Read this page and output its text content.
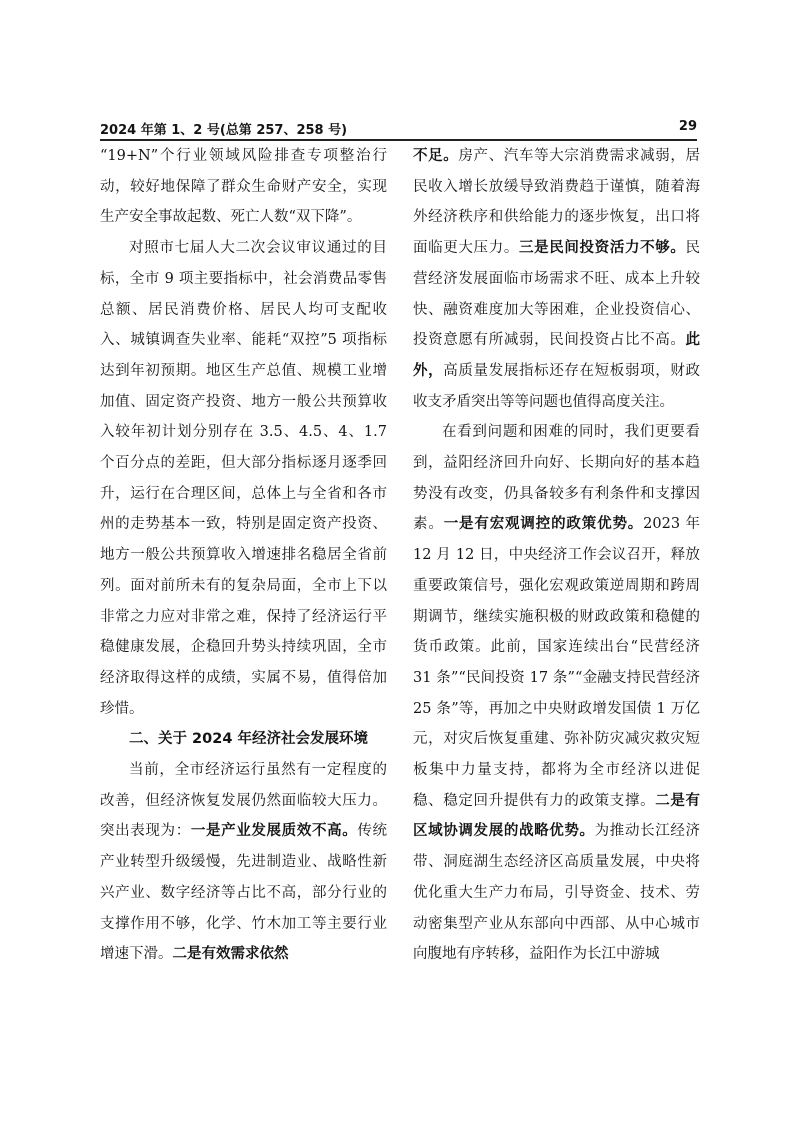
2024 年第 1、2 号(总第 257、258 号)	29

“19+N”个行业领域风险排查专项整治行动，较好地保障了群众生命财产安全，实现生产安全事故起数、死亡人数“双下降”。

对照市七届人大二次会议审议通过的目标，全市 9 项主要指标中，社会消费品零售总额、居民消费价格、居民人均可支配收入、城镇调查失业率、能耗“双控”5 项指标达到年初预期。地区生产总值、规模工业增加值、固定资产投资、地方一般公共预算收入较年初计划分别存在 3.5、4.5、4、1.7 个百分点的差距，但大部分指标逐月逐季回升，运行在合理区间，总体上与全省和各市州的走势基本一致，特别是固定资产投资、地方一般公共预算收入增速排名稳居全省前列。面对前所未有的复杂局面，全市上下以非常之力应对非常之难，保持了经济运行平稳健康发展，企稳回升势头持续巩固，全市经济取得这样的成绩，实属不易，值得倍加珍惜。

二、关于 2024 年经济社会发展环境

当前，全市经济运行虽然有一定程度的改善，但经济恢复发展仍然面临较大压力。突出表现为：一是产业发展质效不高。传统产业转型升级缓慢，先进制造业、战略性新兴产业、数字经济等占比不高，部分行业的支撑作用不够，化学、竹木加工等主要行业增速下滑。二是有效需求依然

不足。房产、汽车等大宗消费需求减弱，居民收入增长放缓导致消费趋于谨慎，随着海外经济秩序和供给能力的逐步恢复，出口将面临更大压力。三是民间投资活力不够。民营经济发展面临市场需求不旺、成本上升较快、融资难度加大等困难，企业投资信心、投资意愿有所减弱，民间投资占比不高。此外，高质量发展指标还存在短板弱项，财政收支矛盾突出等等问题也值得高度关注。

在看到问题和困难的同时，我们更要看到，益阳经济回升向好、长期向好的基本趋势没有改变，仍具备较多有利条件和支撑因素。一是有宏观调控的政策优势。2023 年 12 月 12 日，中央经济工作会议召开，释放重要政策信号，强化宏观政策逆周期和跨周期调节，继续实施积极的财政政策和稳健的货币政策。此前，国家连续出台“民营经济 31 条”“民间投资 17 条”“金融支持民营经济 25 条”等，再加之中央财政增发国债 1 万亿元，对灾后恢复重建、弥补防灾减灾救灾短板集中力量支持，都将为全市经济以进促稳、稳定回升提供有力的政策支撑。二是有区域协调发展的战略优势。为推动长江经济带、洞庭湖生态经济区高质量发展，中央将优化重大生产力布局，引导资金、技术、劳动密集型产业从东部向中西部、从中心城市向腹地有序转移，益阳作为长江中游城
